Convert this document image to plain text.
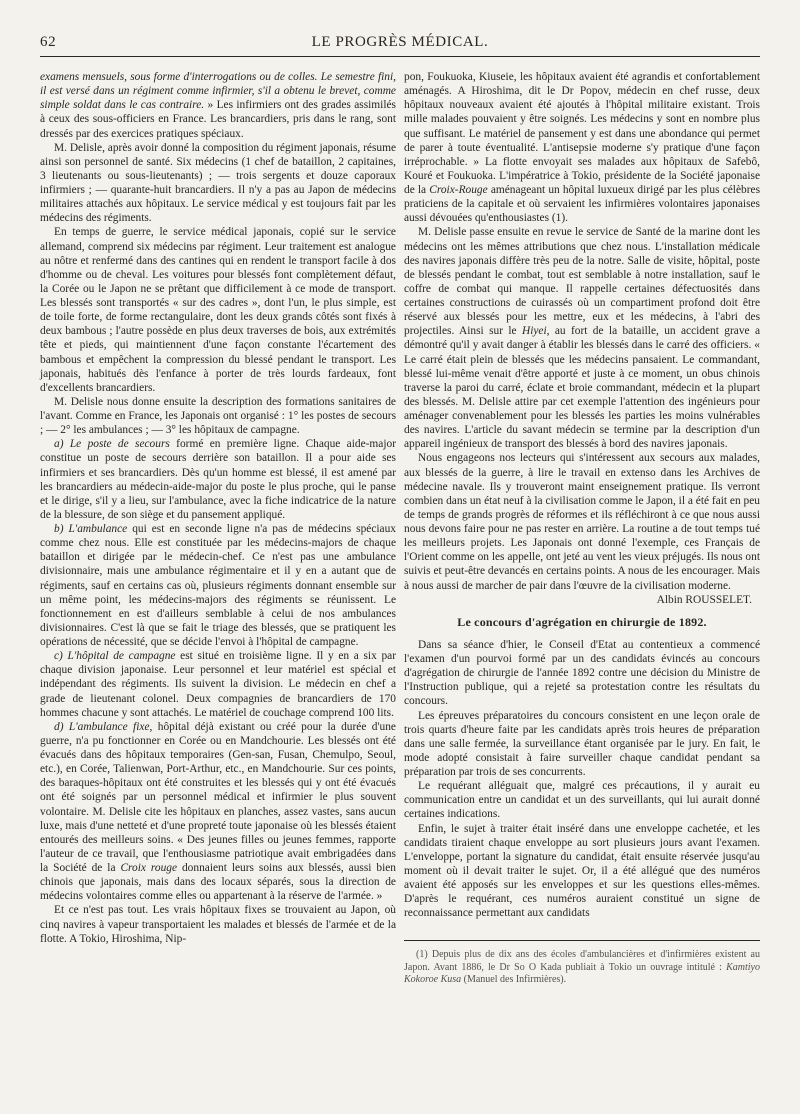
62	LE PROGRÈS MÉDICAL.

examens mensuels, sous forme d'interrogations ou de colles. Le semestre fini, il est versé dans un régiment comme infirmier, s'il a obtenu le brevet, comme simple soldat dans le cas contraire. » Les infirmiers ont des grades assimilés à ceux des sous-officiers en France. Les brancardiers, pris dans le rang, sont dressés par des exercices pratiques spéciaux.

M. Delisle, après avoir donné la composition du régiment japonais, résume ainsi son personnel de santé. Six médecins (1 chef de bataillon, 2 capitaines, 3 lieutenants ou sous-lieutenants) ; — trois sergents et douze caporaux infirmiers ; — quarante-huit brancardiers. Il n'y a pas au Japon de médecins militaires attachés aux hôpitaux. Le service médical y est toujours fait par les médecins des régiments.

En temps de guerre, le service médical japonais, copié sur le service allemand, comprend six médecins par régiment. Leur traitement est analogue au nôtre et renfermé dans des cantines qui en rendent le transport facile à dos d'homme ou de cheval. Les voitures pour blessés font complètement défaut, la Corée ou le Japon ne se prêtant que difficilement à ce mode de transport. Les blessés sont transportés « sur des cadres », dont l'un, le plus simple, est de toile forte, de forme rectangulaire, dont les deux grands côtés sont fixés à deux bambous ; l'autre possède en plus deux traverses de bois, aux extrémités tête et pieds, qui maintiennent d'une façon constante l'écartement des bambous et empêchent la compression du blessé pendant le transport. Les japonais, habitués dès l'enfance à porter de très lourds fardeaux, font d'excellents brancardiers.

M. Delisle nous donne ensuite la description des formations sanitaires de l'avant. Comme en France, les Japonais ont organisé : 1° les postes de secours ; — 2° les ambulances ; — 3° les hôpitaux de campagne.

a) Le poste de secours formé en première ligne. Chaque aide-major constitue un poste de secours derrière son bataillon. Il a pour aide ses infirmiers et ses brancardiers. Dès qu'un homme est blessé, il est amené par les brancardiers au médecin-aide-major du poste le plus proche, qui le panse et le dirige, s'il y a lieu, sur l'ambulance, avec la fiche indicatrice de la nature de la blessure, de son siège et du pansement appliqué.

b) L'ambulance qui est en seconde ligne n'a pas de médecins spéciaux comme chez nous. Elle est constituée par les médecins-majors de chaque bataillon et dirigée par le médecin-chef. Ce n'est pas une ambulance divisionnaire, mais une ambulance régimentaire et il y en a autant que de régiments, sauf en certains cas où, plusieurs régiments donnant ensemble sur un même point, les médecins-majors des régiments se réunissent. Le fonctionnement en est d'ailleurs semblable à celui de nos ambulances divisionnaires. C'est là que se fait le triage des blessés, que se pratiquent les opérations de nécessité, que se décide l'envoi à l'hôpital de campagne.

c) L'hôpital de campagne est situé en troisième ligne. Il y en a six par chaque division japonaise. Leur personnel et leur matériel est spécial et indépendant des régiments. Ils suivent la division. Le médecin en chef a grade de lieutenant colonel. Deux compagnies de brancardiers de 170 hommes chacune y sont attachés. Le matériel de couchage comprend 100 lits.

d) L'ambulance fixe, hôpital déjà existant ou créé pour la durée d'une guerre, n'a pu fonctionner en Corée ou en Mandchourie. Les blessés ont été évacués dans des hôpitaux temporaires (Gen-san, Fusan, Chemulpo, Seoul, etc.), en Corée, Talienwan, Port-Arthur, etc., en Mandchourie. Sur ces points, des baraques-hôpitaux ont été construites et les blessés qui y ont été évacués ont été soignés par un personnel médical et infirmier le plus souvent volontaire. M. Delisle cite les hôpitaux en planches, assez vastes, sans aucun luxe, mais d'une netteté et d'une propreté toute japonaise où les blessés étaient entourés des meilleurs soins. « Des jeunes filles ou jeunes femmes, rapporte l'auteur de ce travail, que l'enthousiasme patriotique avait embrigadées dans la Société de la Croix rouge donnaient leurs soins aux blessés, aussi bien chinois que japonais, mais dans des locaux séparés, sous la direction de médecins volontaires comme elles ou appartenant à la réserve de l'armée. »

Et ce n'est pas tout. Les vrais hôpitaux fixes se trouvaient au Japon, où cinq navires à vapeur transportaient les malades et blessés de l'armée et de la flotte. A Tokio, Hiroshima, Nip-

pon, Foukuoka, Kiuseie, les hôpitaux avaient été agrandis et confortablement aménagés. A Hiroshima, dit le Dr Popov, médecin en chef russe, deux hôpitaux nouveaux avaient été ajoutés à l'hôpital militaire existant. Trois mille malades pouvaient y être soignés. Les médecins y sont en nombre plus que suffisant. Le matériel de pansement y est dans une abondance qui permet de parer à toute éventualité. L'antisepsie moderne s'y pratique d'une façon irréprochable. » La flotte envoyait ses malades aux hôpitaux de Safebô, Kouré et Foukuoka. L'impératrice à Tokio, présidente de la Société japonaise de la Croix-Rouge aménageant un hôpital luxueux dirigé par les plus célèbres praticiens de la capitale et où servaient les infirmières volontaires japonaises aussi dévouées qu'enthousiastes (1).

M. Delisle passe ensuite en revue le service de Santé de la marine dont les médecins ont les mêmes attributions que chez nous. L'installation médicale des navires japonais diffère très peu de la notre. Salle de visite, hôpital, poste de blessés pendant le combat, tout est semblable à notre installation, sauf le coffre de combat qui manque. Il rappelle certaines défectuosités dans certaines constructions de cuirassés où un compartiment profond doit être réservé aux blessés pour les mettre, eux et les médecins, à l'abri des projectiles. Ainsi sur le Hiyei, au fort de la bataille, un accident grave a démontré qu'il y avait danger à établir les blessés dans le carré des officiers. « Le carré était plein de blessés que les médecins pansaient. Le commandant, blessé lui-même venait d'être apporté et juste à ce moment, un obus chinois traverse la paroi du carré, éclate et broie commandant, médecin et la plupart des blessés. M. Delisle attire par cet exemple l'attention des ingénieurs pour aménager convenablement pour les blessés les parties les moins vulnérables des navires. L'article du savant médecin se termine par la description d'un appareil ingénieux de transport des blessés à bord des navires japonais.

Nous engageons nos lecteurs qui s'intéressent aux secours aux malades, aux blessés de la guerre, à lire le travail en extenso dans les Archives de médecine navale. Ils y trouveront maint enseignement pratique. Ils verront combien dans un état neuf à la civilisation comme le Japon, il a été fait en peu de temps de grands progrès de réformes et ils réfléchiront à ce que nous aussi nous devons faire pour ne pas rester en arrière. La routine a de tout temps tué les meilleurs projets. Les Japonais ont donné l'exemple, ces Français de l'Orient comme on les appelle, ont jeté au vent les vieux préjugés. Ils nous ont suivis et peut-être devancés en certains points. A nous de les encourager. Mais à nous aussi de marcher de pair dans l'œuvre de la civilisation moderne.

Albin ROUSSELET.
Le concours d'agrégation en chirurgie de 1892.

Dans sa séance d'hier, le Conseil d'Etat au contentieux a commencé l'examen d'un pourvoi formé par un des candidats évincés au concours d'agrégation de chirurgie de l'année 1892 contre une décision du Ministre de l'Instruction publique, qui a rejeté sa protestation contre les résultats du concours.

Les épreuves préparatoires du concours consistent en une leçon orale de trois quarts d'heure faite par les candidats après trois heures de préparation dans une salle fermée, la surveillance étant organisée par le jury. En fait, le mode adopté consistait à faire surveiller chaque candidat pendant sa préparation par trois de ses concurrents.

Le requérant alléguait que, malgré ces précautions, il y aurait eu communication entre un candidat et un des surveillants, qui lui aurait donné certaines indications.

Enfin, le sujet à traiter était inséré dans une enveloppe cachetée, et les candidats tiraient chaque enveloppe au sort plusieurs jours avant l'examen. L'enveloppe, portant la signature du candidat, était ensuite réservée jusqu'au moment où il devait traiter le sujet. Or, il a été allégué que des numéros avaient été apposés sur les enveloppes et sur les questions elles-mêmes. D'après le requérant, ces numéros auraient constitué un signe de reconnaissance permettant aux candidats

(1) Depuis plus de dix ans des écoles d'ambulancières et d'infirmières existent au Japon. Avant 1886, le Dr So O Kada publiait à Tokio un ouvrage intitulé : Kamtiyo Kokoroe Kusa (Manuel des Infirmières).
